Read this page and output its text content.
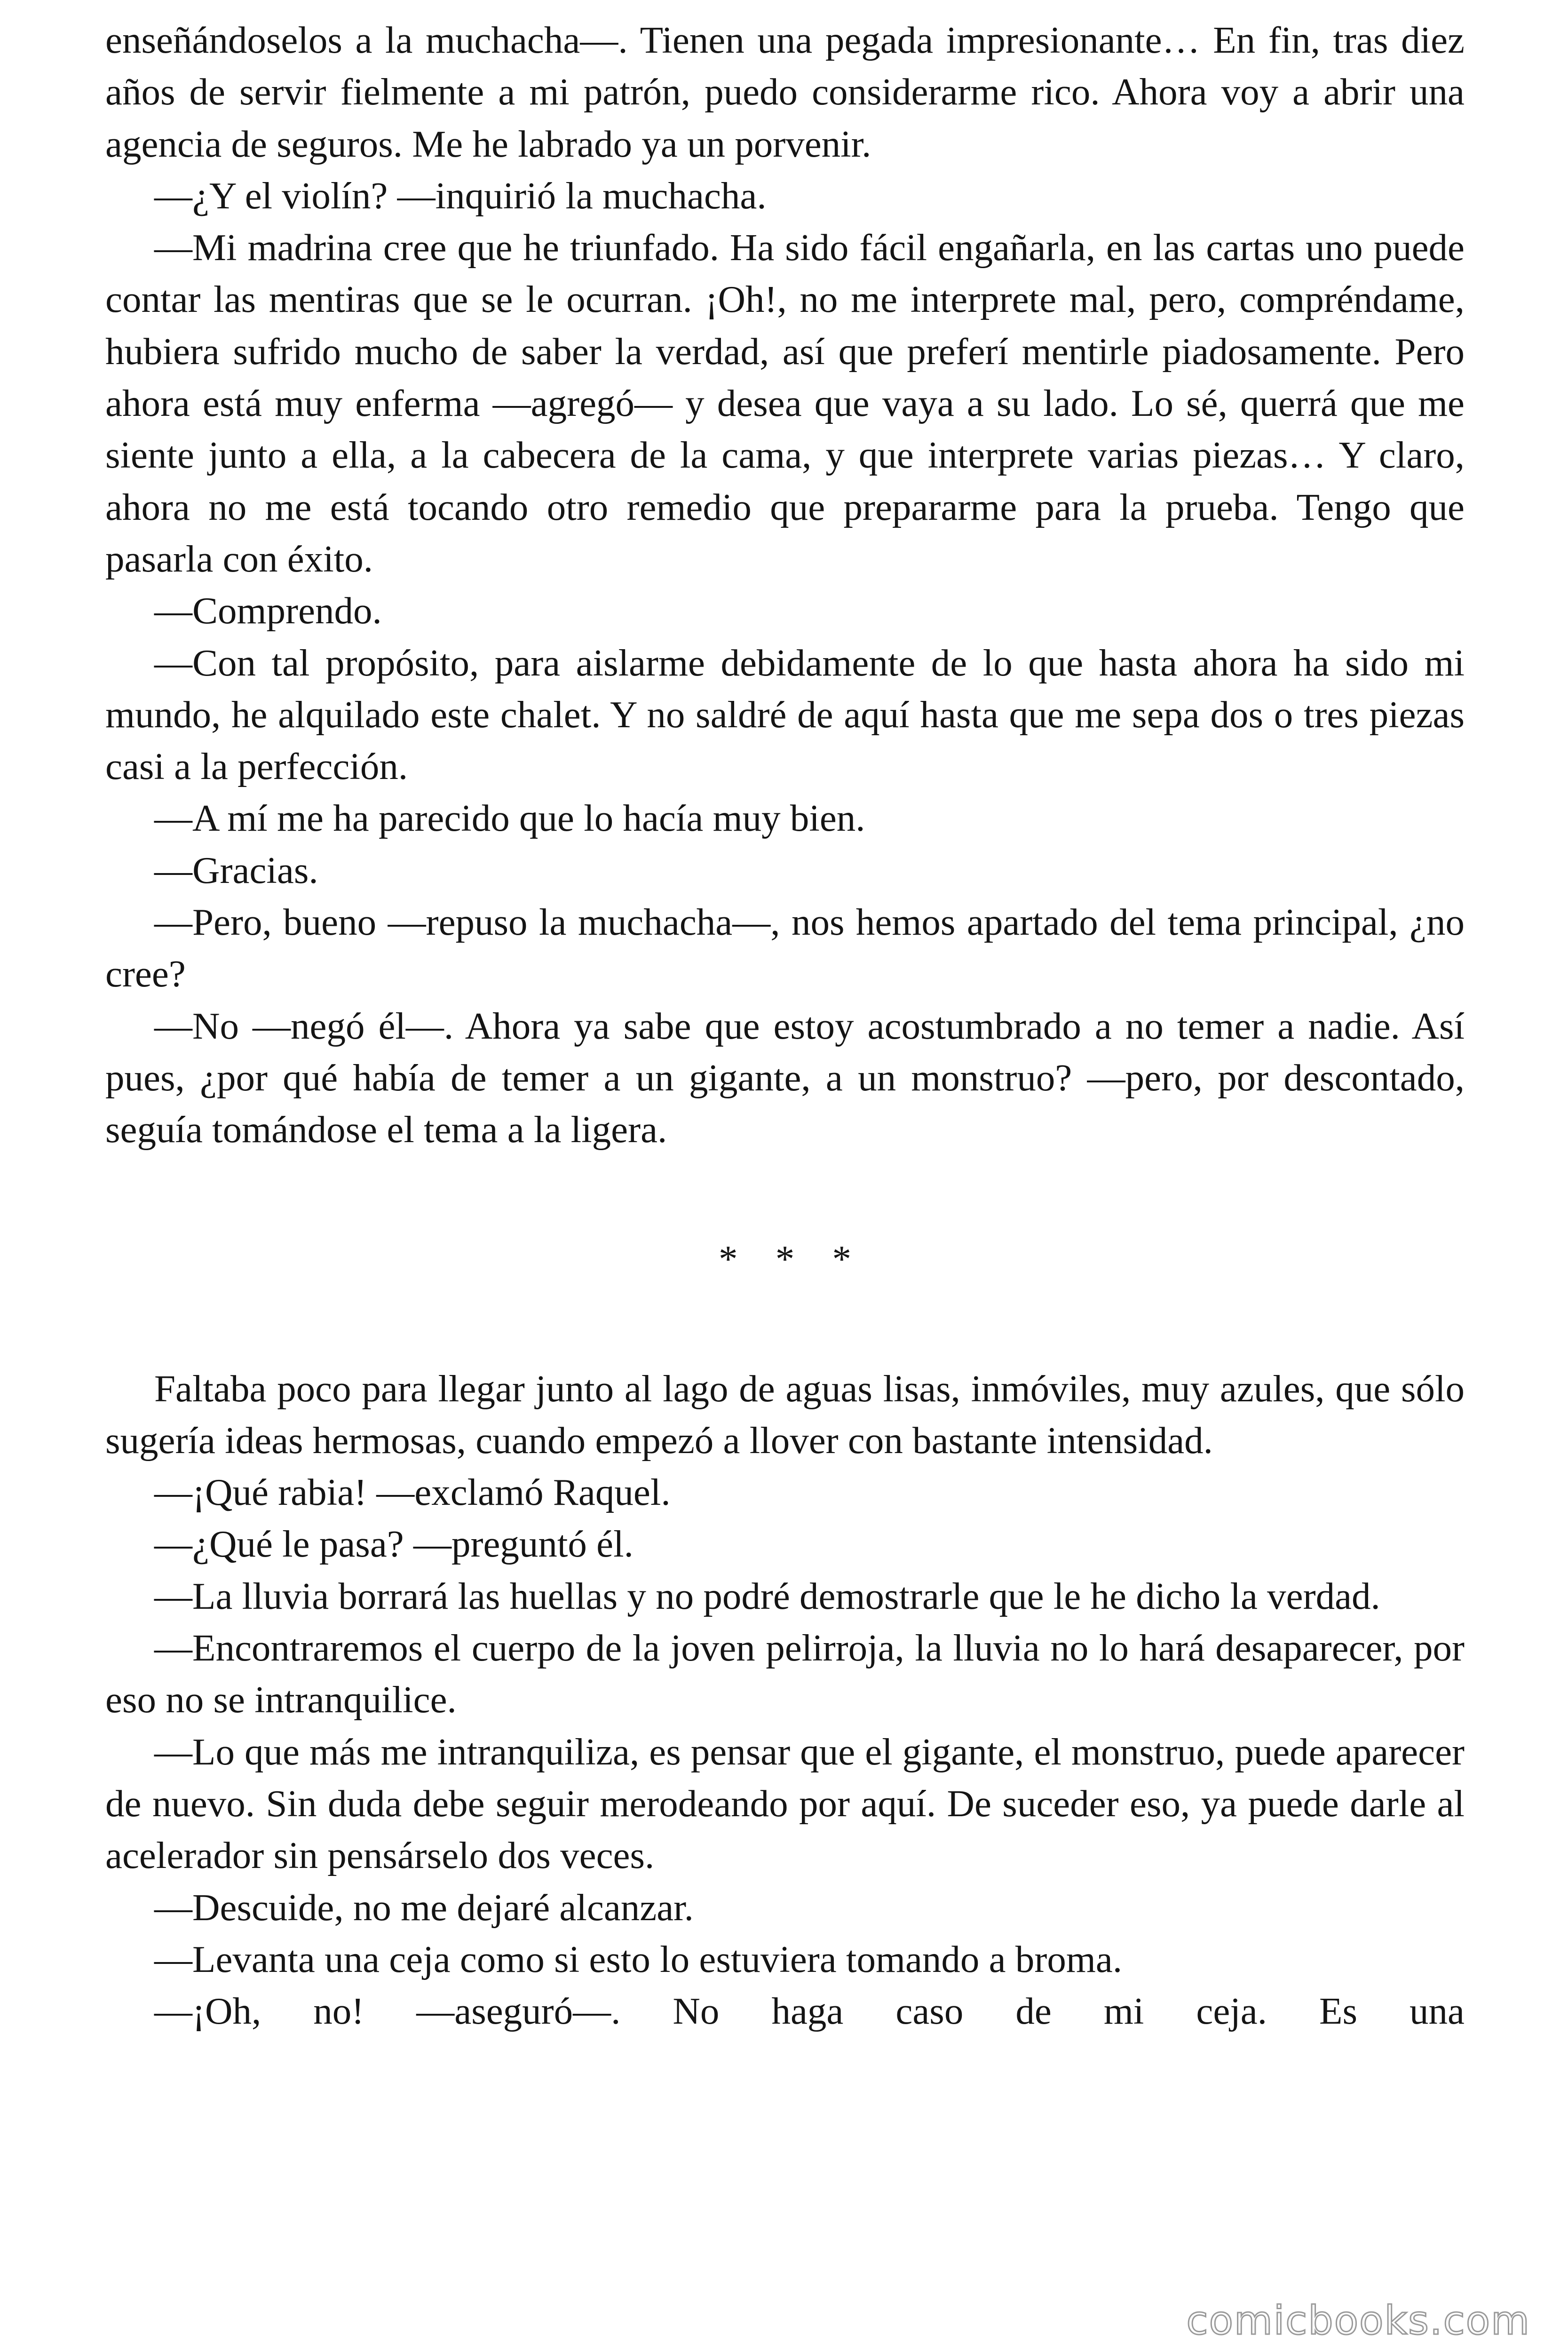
enseñándoselos a la muchacha—. Tienen una pegada impresionante… En fin, tras diez años de servir fielmente a mi patrón, puedo considerarme rico. Ahora voy a abrir una agencia de seguros. Me he labrado ya un porvenir.

—¿Y el violín? —inquirió la muchacha.

—Mi madrina cree que he triunfado. Ha sido fácil engañarla, en las cartas uno puede contar las mentiras que se le ocurran. ¡Oh!, no me interprete mal, pero, compréndame, hubiera sufrido mucho de saber la verdad, así que preferí mentirle piadosamente. Pero ahora está muy enferma —agregó— y desea que vaya a su lado. Lo sé, querrá que me siente junto a ella, a la cabecera de la cama, y que interprete varias piezas… Y claro, ahora no me está tocando otro remedio que prepararme para la prueba. Tengo que pasarla con éxito.

—Comprendo.

—Con tal propósito, para aislarme debidamente de lo que hasta ahora ha sido mi mundo, he alquilado este chalet. Y no saldré de aquí hasta que me sepa dos o tres piezas casi a la perfección.

—A mí me ha parecido que lo hacía muy bien.

—Gracias.

—Pero, bueno —repuso la muchacha—, nos hemos apartado del tema principal, ¿no cree?

—No —negó él—. Ahora ya sabe que estoy acostumbrado a no temer a nadie. Así pues, ¿por qué había de temer a un gigante, a un monstruo? —pero, por descontado, seguía tomándose el tema a la ligera.

* * *

Faltaba poco para llegar junto al lago de aguas lisas, inmóviles, muy azules, que sólo sugería ideas hermosas, cuando empezó a llover con bastante intensidad.

—¡Qué rabia! —exclamó Raquel.

—¿Qué le pasa? —preguntó él.

—La lluvia borrará las huellas y no podré demostrarle que le he dicho la verdad.

—Encontraremos el cuerpo de la joven pelirroja, la lluvia no lo hará desaparecer, por eso no se intranquilice.

—Lo que más me intranquiliza, es pensar que el gigante, el monstruo, puede aparecer de nuevo. Sin duda debe seguir merodeando por aquí. De suceder eso, ya puede darle al acelerador sin pensárselo dos veces.

—Descuide, no me dejaré alcanzar.

—Levanta una ceja como si esto lo estuviera tomando a broma.

—¡Oh, no! —aseguró—. No haga caso de mi ceja. Es una

comicbooks.com
